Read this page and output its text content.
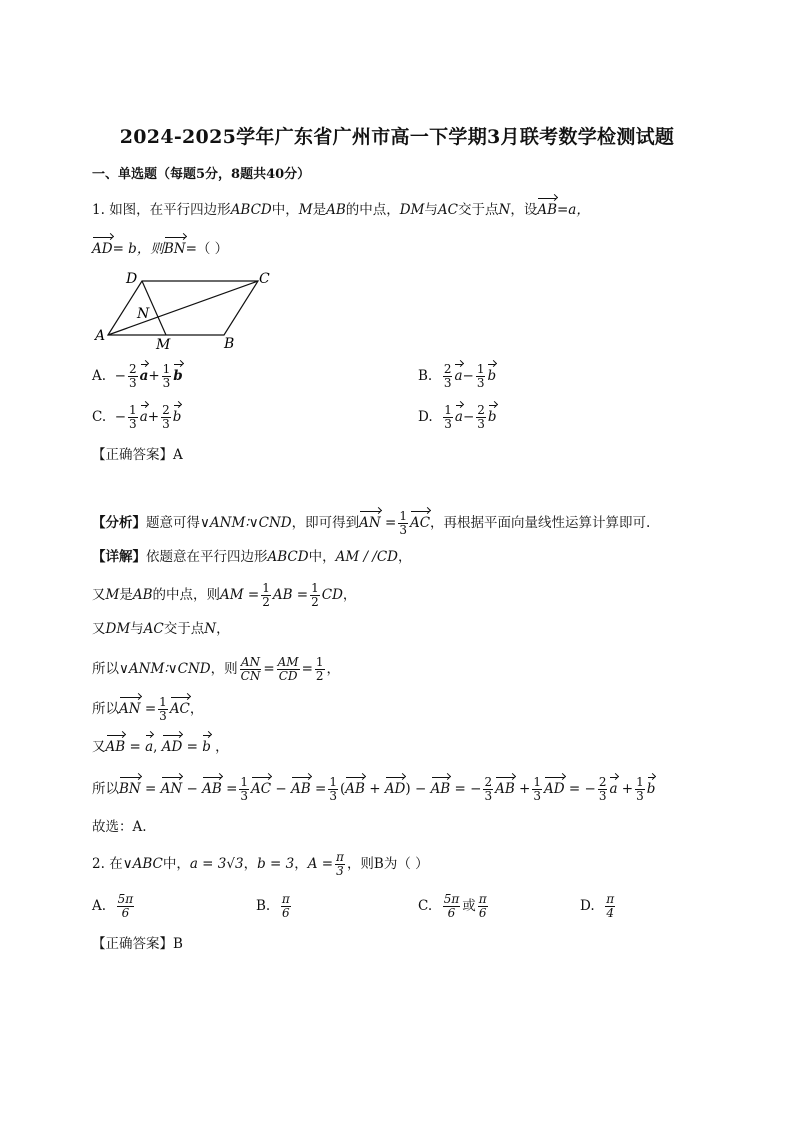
2024-2025学年广东省广州市高一下学期3月联考数学检测试题
一、单选题（每题5分，8题共40分）
1. 如图，在平行四边形ABCD中，M是AB的中点，DM与AC交于点N，设AB=a，
AD= b，则BN=（ ）
A	B
C
D
M
N
A.  − $\frac{2}{3} a+ \frac{1}{3}$ b	B. $\frac{2}{3} a- \frac{1}{3}$ b
C.  − $\frac{1}{3} a+ \frac{2}{3}$ b	D. $\frac{1}{3} a- \frac{2}{3}$ b
【正确答案】A
【分析】题意可得∨ANM∶∨CND，即可得到AN = $\frac{1}{3}$ AC，再根据平面向量线性运算计算即可.
【详解】依题意在平行四边形ABCD中，AM / /CD，
又M是AB的中点，则AM = $\frac{1}{2}$ AB = $\frac{1}{2}$ CD，
又DM与AC交于点N，
所以∨ANM∶∨CND，则 $\frac{AN}{CN} = \frac{AM}{CD} = \frac{1}{2}$ ，
所以AN = $\frac{1}{3}$ AC，
又AB = a, AD = b ，
所以BN = AN − AB = $\frac{1}{3}$ AC − AB = $\frac{1}{3} (AB + AD)$ − AB = − $\frac{2}{3}$ AB + $\frac{1}{3}$ AD = − $\frac{2}{3}$ $a + \frac{1}{3}$ b
故选：A.
2. 在∨ABC中，a = 3√3，b = 3，$A = \frac{\pi}{3}$ ，则B为（ ）
A. $\frac{5\pi}{6}$	B. $\frac{\pi}{6}$	C. $\frac{5\pi}{6}$ 或 $\frac{\pi}{6}$	D. $\frac{\pi}{4}$
【正确答案】B
